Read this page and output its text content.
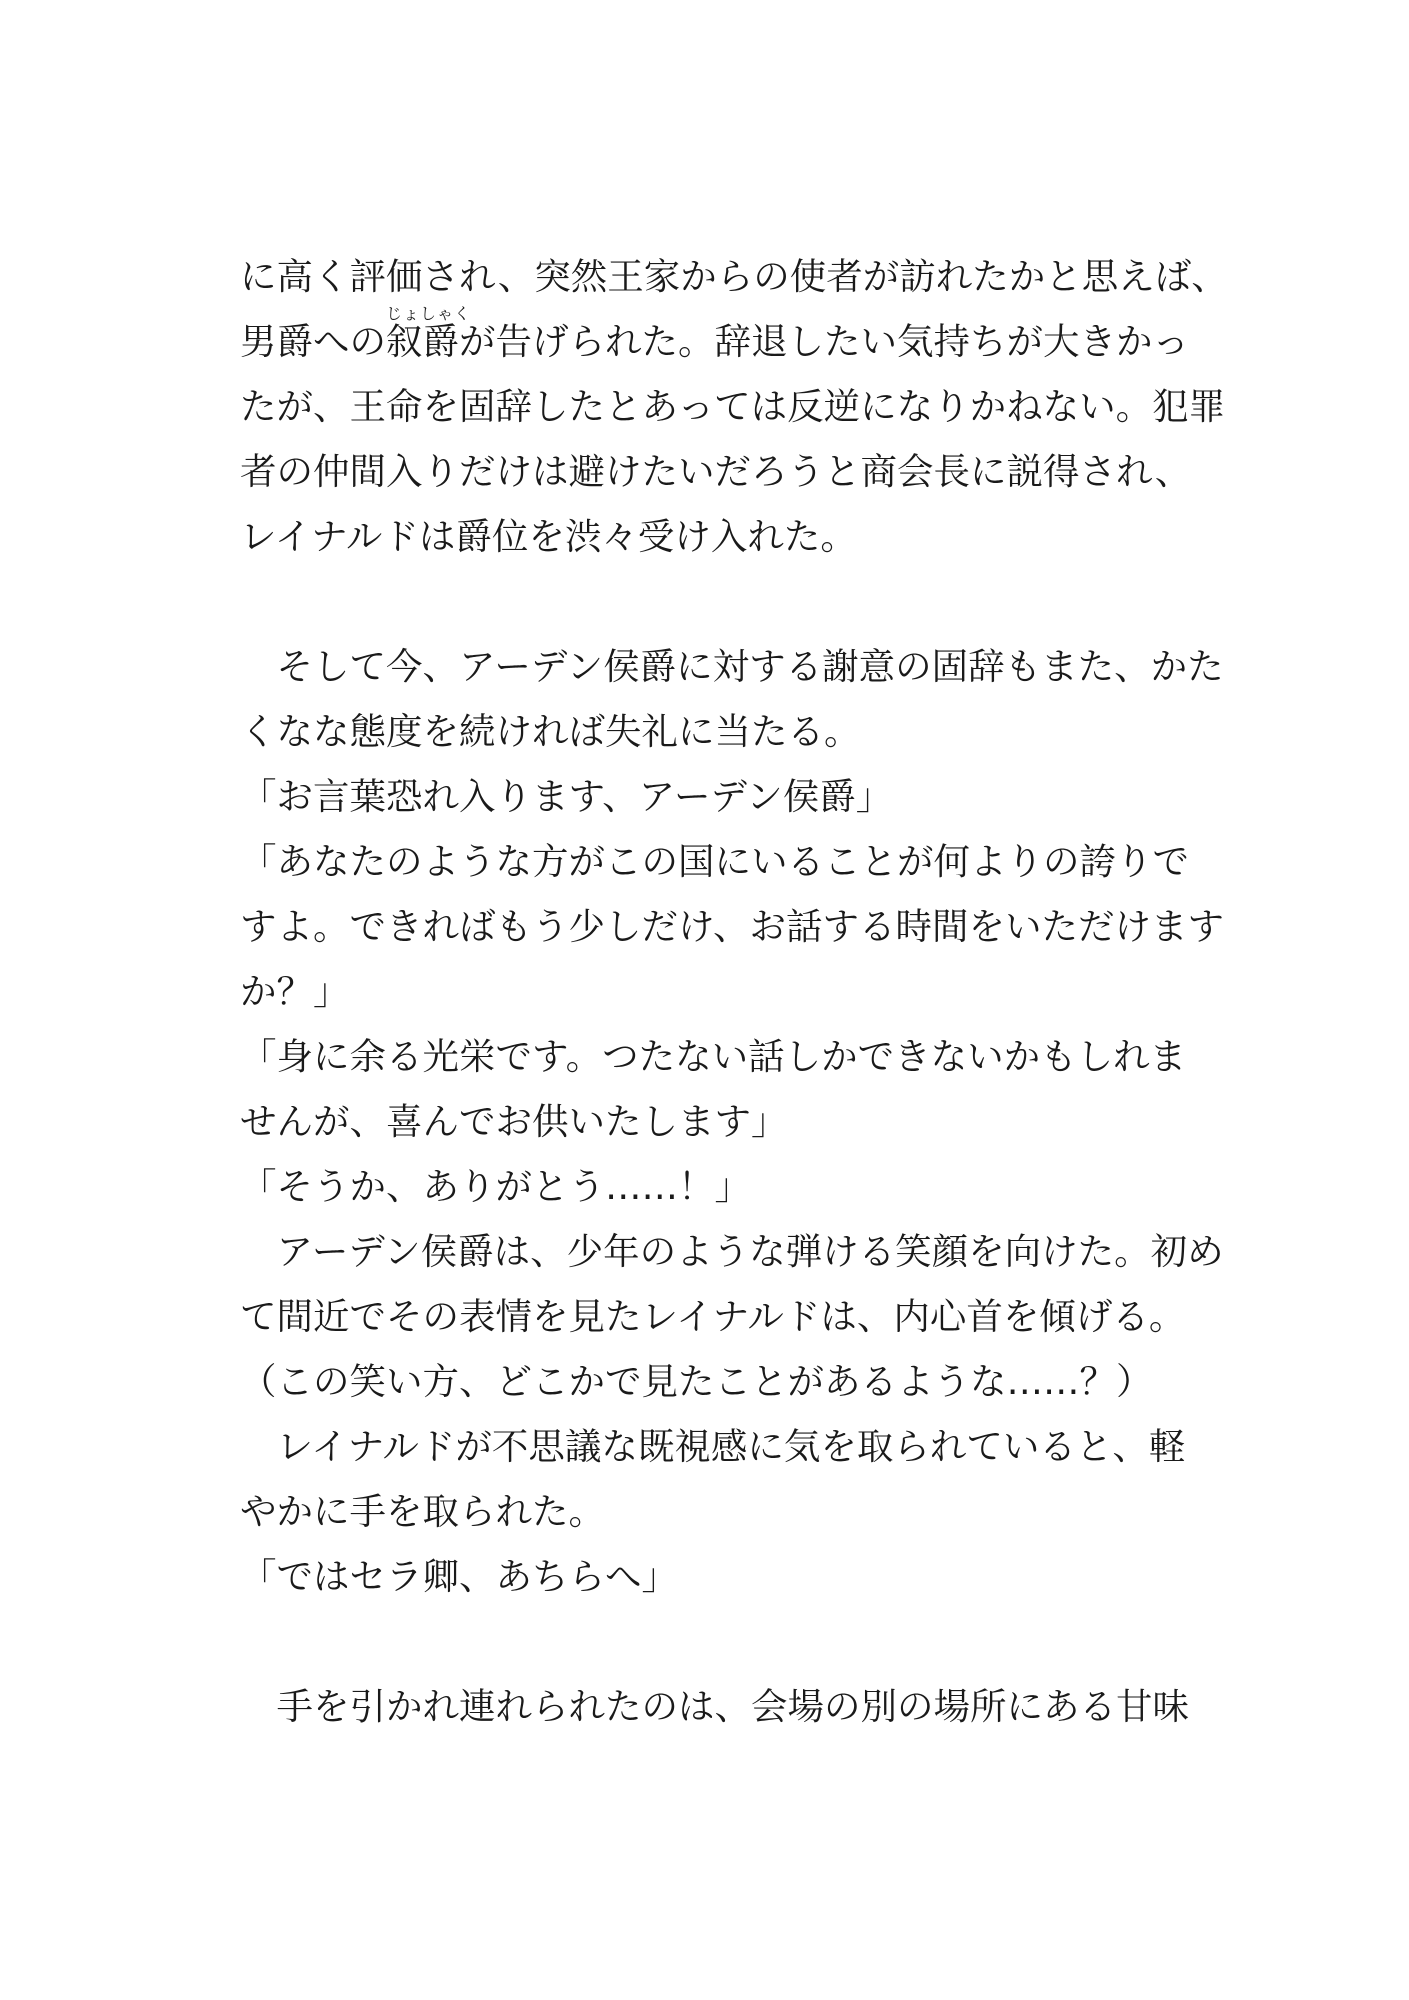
に高く評価され、突然王家からの使者が訪れたかと思えば、
男爵への
じょしゃく
叙爵が告げられた。辞退したい気持ちが大きかっ
たが、王命を固辞したとあっては反逆になりかねない。犯罪
者の仲間入りだけは避けたいだろうと商会長に説得され、
レイナルドは爵位を渋々受け入れた。
　そして今、アーデン侯爵に対する謝意の固辞もまた、かた
くなな態度を続ければ失礼に当たる。
「お言葉恐れ入ります、アーデン侯爵」
「あなたのような方がこの国にいることが何よりの誇りで
すよ。できればもう少しだけ、お話する時間をいただけます
か？」
「身に余る光栄です。つたない話しかできないかもしれま
せんが、喜んでお供いたします」
「そうか、ありがとう……！」
　アーデン侯爵は、少年のような弾ける笑顔を向けた。初め
て間近でその表情を見たレイナルドは、内心首を傾げる。
（この笑い方、どこかで見たことがあるような……？）
　レイナルドが不思議な既視感に気を取られていると、軽
やかに手を取られた。
「ではセラ卿、あちらへ」
　手を引かれ連れられたのは、会場の別の場所にある甘味
